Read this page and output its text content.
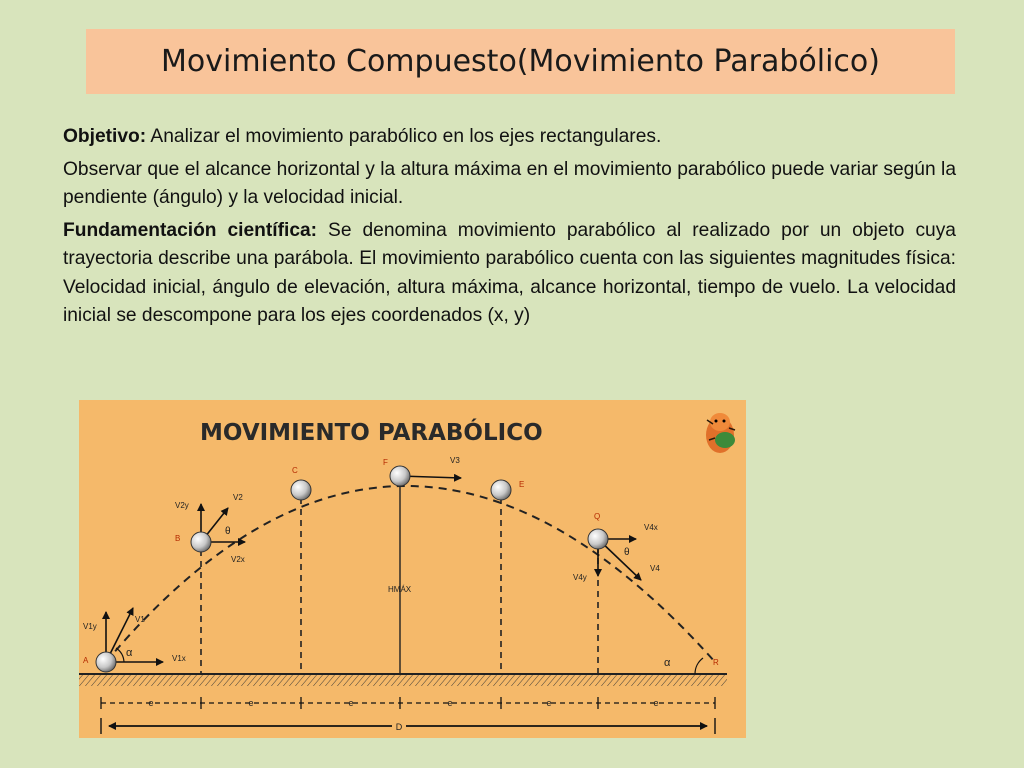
Movimiento Compuesto(Movimiento Parabólico)

Objetivo: Analizar el movimiento parabólico en los ejes rectangulares.

Observar que el alcance horizontal y la altura máxima en el movimiento parabólico puede variar según la pendiente (ángulo) y la velocidad inicial.

Fundamentación científica: Se denomina movimiento parabólico al realizado por un objeto cuya trayectoria describe una parábola. El movimiento parabólico cuenta con las siguientes magnitudes física: Velocidad inicial, ángulo de elevación, altura máxima, alcance horizontal, tiempo de vuelo. La velocidad inicial se descompone para los ejes coordenados (x, y)

MOVIMIENTO PARABÓLICO
HMÁX
V1y
V1
V1x
α
A
V2y
V2
V2x
θ
B
C
V3
F
E
V4x
V4y
V4
θ
Q
α	R
e	e	e	e	e	e
D
